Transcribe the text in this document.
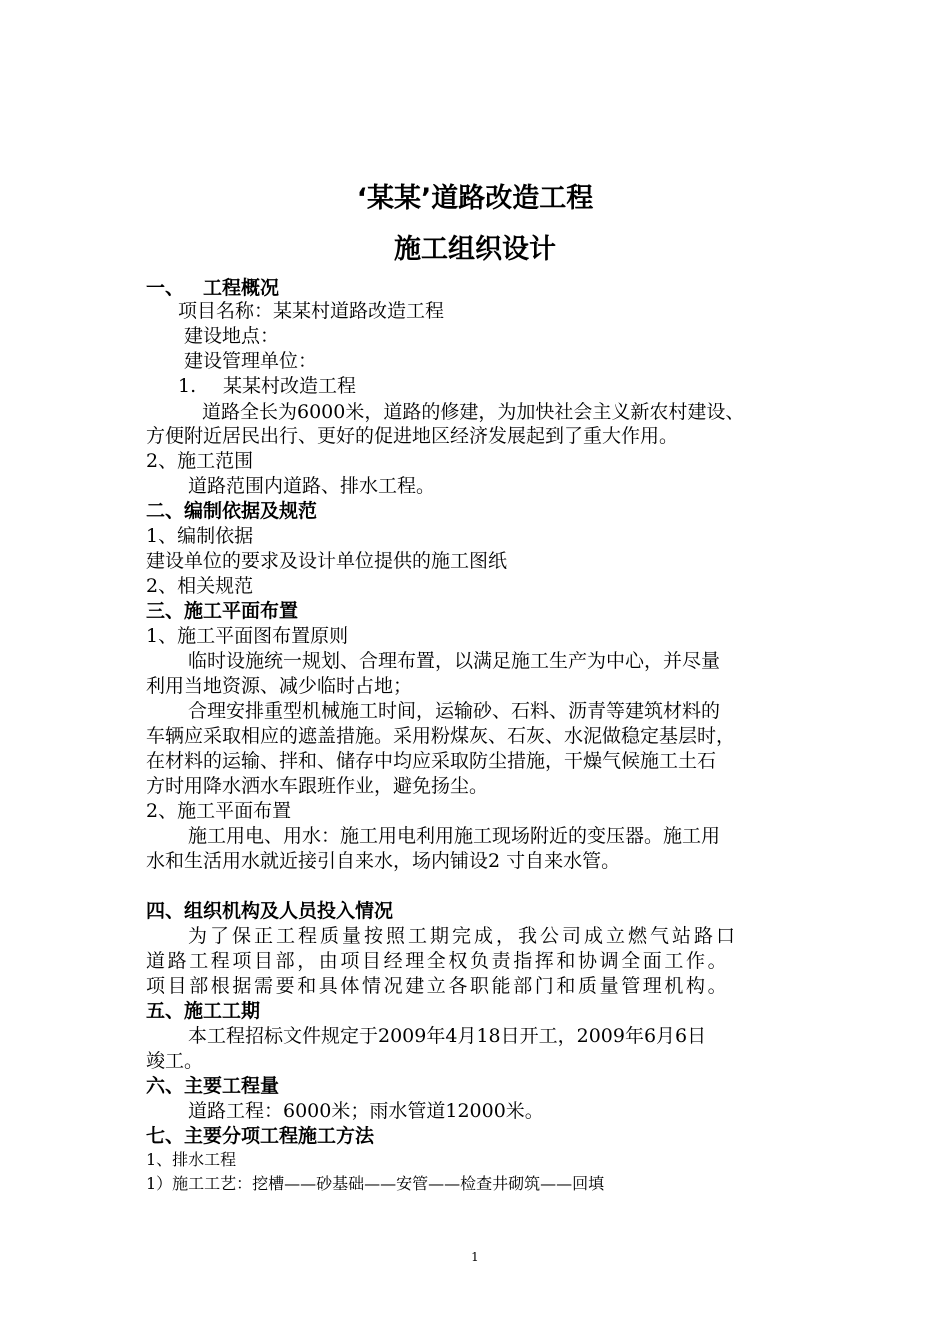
‘某某’道路改造工程
施工组织设计
一、 工程概况
项目名称：某某村道路改造工程
建设地点：
建设管理单位：
1. 某某村改造工程
道路全长为6000米，道路的修建，为加快社会主义新农村建设、
方便附近居民出行、更好的促进地区经济发展起到了重大作用。
2、施工范围
道路范围内道路、排水工程。
二、编制依据及规范
1、编制依据
建设单位的要求及设计单位提供的施工图纸
2、相关规范
三、施工平面布置
1、施工平面图布置原则
临时设施统一规划、合理布置，以满足施工生产为中心，并尽量
利用当地资源、减少临时占地；
合理安排重型机械施工时间，运输砂、石料、沥青等建筑材料的
车辆应采取相应的遮盖措施。采用粉煤灰、石灰、水泥做稳定基层时，
在材料的运输、拌和、储存中均应采取防尘措施，干燥气候施工土石
方时用降水洒水车跟班作业，避免扬尘。
2、施工平面布置
施工用电、用水：施工用电利用施工现场附近的变压器。施工用
水和生活用水就近接引自来水，场内铺设2 寸自来水管。
四、组织机构及人员投入情况
为了保正工程质量按照工期完成，我公司成立燃气站路口
道路工程项目部，由项目经理全权负责指挥和协调全面工作。
项目部根据需要和具体情况建立各职能部门和质量管理机构。
五、施工工期
本工程招标文件规定于2009年4月18日开工，2009年6月6日
竣工。
六、主要工程量
道路工程：6000米；雨水管道12000米。
七、主要分项工程施工方法
1、排水工程
1）施工工艺：挖槽——砂基础——安管——检查井砌筑——回填
1
